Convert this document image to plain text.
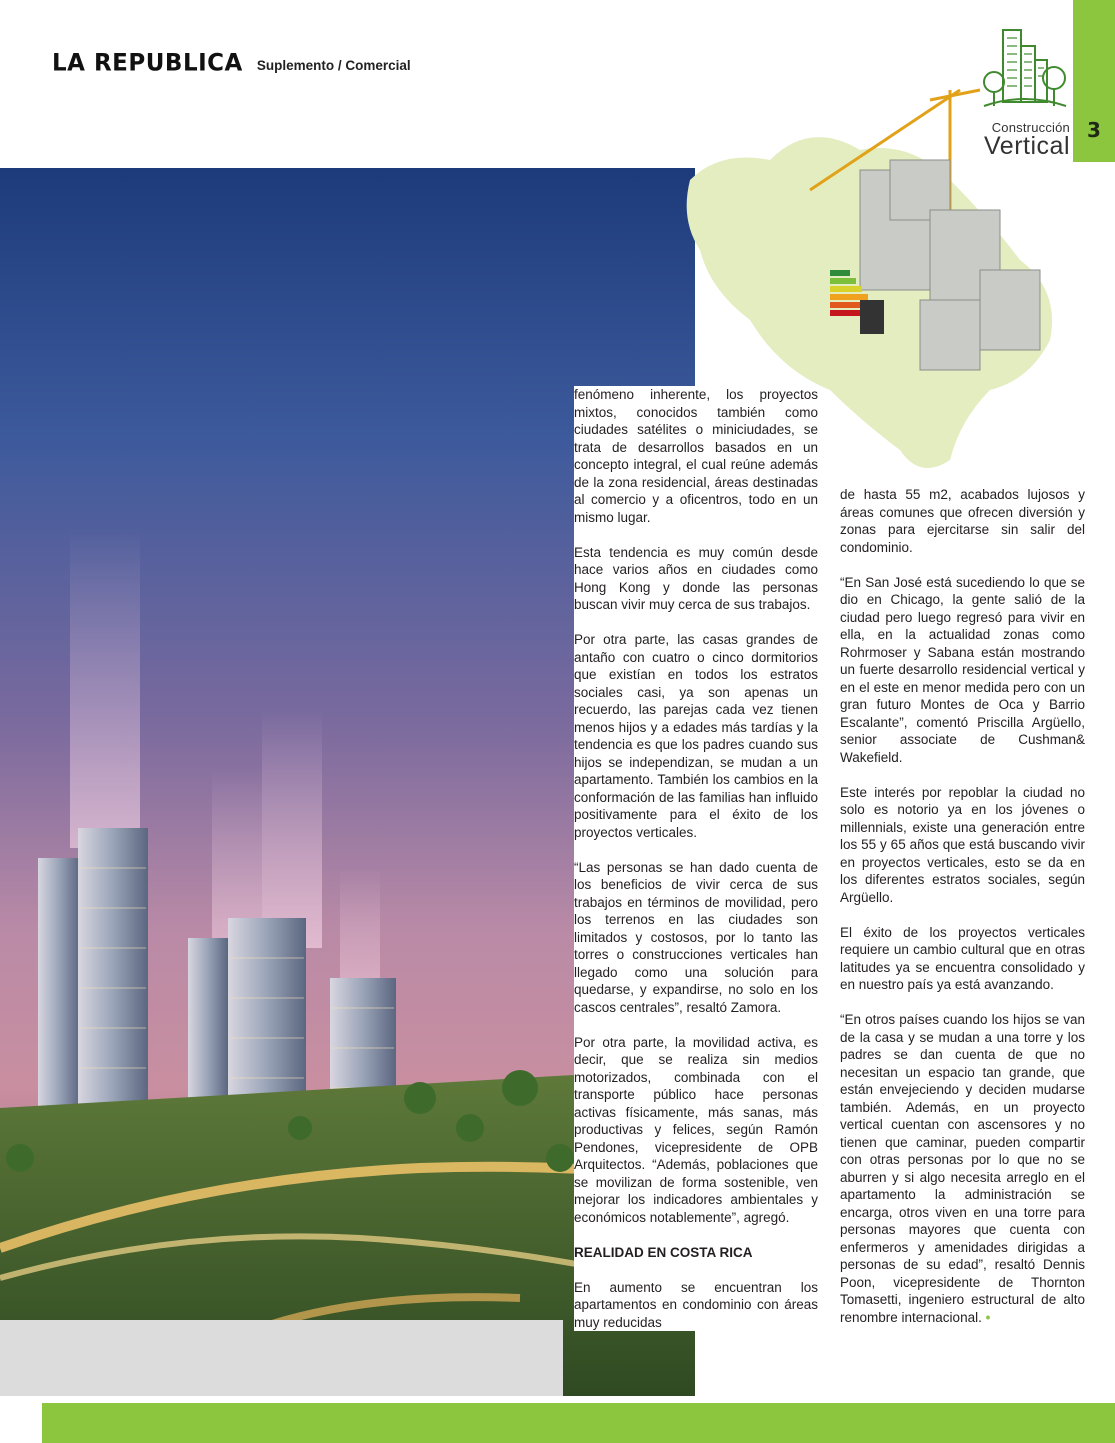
LA REPUBLICA Suplemento / Comercial
3
Construcción
Vertical

fenómeno inherente, los proyectos mixtos, conocidos también como ciudades satélites o miniciudades, se trata de desarrollos basados en un concepto integral, el cual reúne además de la zona residencial, áreas destinadas al comercio y a oficentros, todo en un mismo lugar.

Esta tendencia es muy común desde hace varios años en ciudades como Hong Kong y donde las personas buscan vivir muy cerca de sus trabajos.

Por otra parte, las casas grandes de antaño con cuatro o cinco dormitorios que existían en todos los estratos sociales casi, ya son apenas un recuerdo, las parejas cada vez tienen menos hijos y a edades más tardías y la tendencia es que los padres cuando sus hijos se independizan, se mudan a un apartamento. También los cambios en la conformación de las familias han influido positivamente para el éxito de los proyectos verticales.

“Las personas se han dado cuenta de los beneficios de vivir cerca de sus trabajos en términos de movilidad, pero los terrenos en las ciudades son limitados y costosos, por lo tanto las torres o construcciones verticales han llegado como una solución para quedarse, y expandirse, no solo en los cascos centrales”, resaltó Zamora.

Por otra parte, la movilidad activa, es decir, que se realiza sin medios motorizados, combinada con el transporte público hace personas activas físicamente, más sanas, más productivas y felices, según Ramón Pendones, vicepresidente de OPB Arquitectos. “Además, poblaciones que se movilizan de forma sostenible, ven mejorar los indicadores ambientales y económicos notablemente”, agregó.

REALIDAD EN COSTA RICA

En aumento se encuentran los apartamentos en condominio con áreas muy reducidas

de hasta 55 m2, acabados lujosos y áreas comunes que ofrecen diversión y zonas para ejercitarse sin salir del condominio.

“En San José está sucediendo lo que se dio en Chicago, la gente salió de la ciudad pero luego regresó para vivir en ella, en la actualidad zonas como Rohrmoser y Sabana están mostrando un fuerte desarrollo residencial vertical y en el este en menor medida pero con un gran futuro Montes de Oca y Barrio Escalante”, comentó Priscilla Argüello, senior associate de Cushman& Wakefield.

Este interés por repoblar la ciudad no solo es notorio ya en los jóvenes o millennials, existe una generación entre los 55 y 65 años que está buscando vivir en proyectos verticales, esto se da en los diferentes estratos sociales, según Argüello.

El éxito de los proyectos verticales requiere un cambio cultural que en otras latitudes ya se encuentra consolidado y en nuestro país ya está avanzando.

“En otros países cuando los hijos se van de la casa y se mudan a una torre y los padres se dan cuenta de que no necesitan un espacio tan grande, que están envejeciendo y deciden mudarse también. Además, en un proyecto vertical cuentan con ascensores y no tienen que caminar, pueden compartir con otras personas por lo que no se aburren y si algo necesita arreglo en el apartamento la administración se encarga, otros viven en una torre para personas mayores que cuenta con enfermeros y amenidades dirigidas a personas de su edad”, resaltó Dennis Poon, vicepresidente de Thornton Tomasetti, ingeniero estructural de alto renombre internacional. •
